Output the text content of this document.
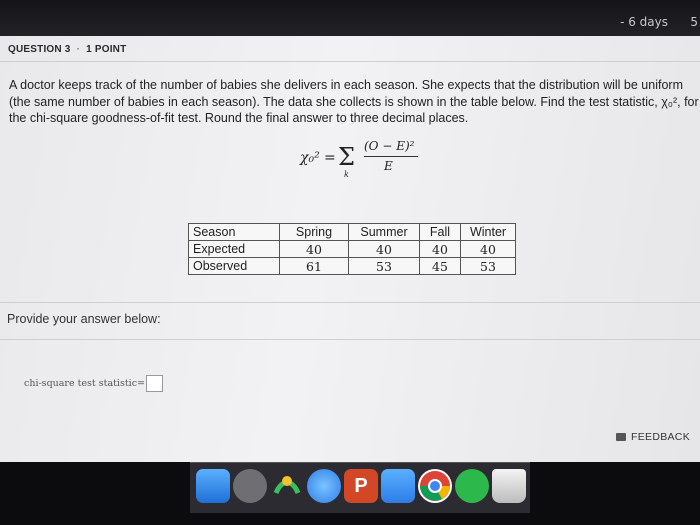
- 6 days 5
QUESTION 3 · 1 POINT
A doctor keeps track of the number of babies she delivers in each season. She expects that the distribution will be uniform (the same number of babies in each season). The data she collects is shown in the table below. Find the test statistic, χ₀², for the chi-square goodness-of-fit test. Round the final answer to three decimal places.
χ₀² = Σ
k
(O − E)²
E
Season	Spring	Summer	Fall	Winter
Expected	40	40	40	40
Observed	61	53	45	53
Provide your answer below:
chi-square test statistic=
FEEDBACK
P
